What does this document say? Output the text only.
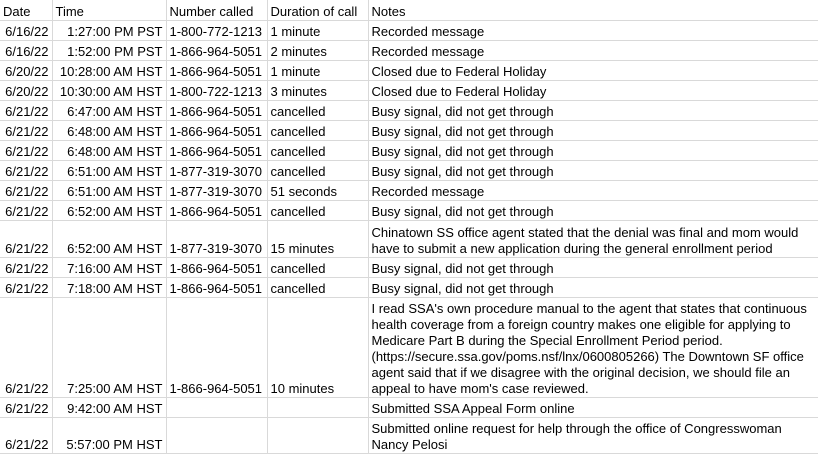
Date	Time	Number called	Duration of call	Notes
6/16/22	1:27:00 PM PST	1-800-772-1213	1 minute	Recorded message
6/16/22	1:52:00 PM PST	1-866-964-5051	2 minutes	Recorded message
6/20/22	10:28:00 AM HST	1-866-964-5051	1 minute	Closed due to Federal Holiday
6/20/22	10:30:00 AM HST	1-800-722-1213	3 minutes	Closed due to Federal Holiday
6/21/22	6:47:00 AM HST	1-866-964-5051	cancelled	Busy signal, did not get through
6/21/22	6:48:00 AM HST	1-866-964-5051	cancelled	Busy signal, did not get through
6/21/22	6:48:00 AM HST	1-866-964-5051	cancelled	Busy signal, did not get through
6/21/22	6:51:00 AM HST	1-877-319-3070	cancelled	Busy signal, did not get through
6/21/22	6:51:00 AM HST	1-877-319-3070	51 seconds	Recorded message
6/21/22	6:52:00 AM HST	1-866-964-5051	cancelled	Busy signal, did not get through
6/21/22	6:52:00 AM HST	1-877-319-3070	15 minutes	Chinatown SS office agent stated that the denial was final and mom would have to submit a new application during the general enrollment period
6/21/22	7:16:00 AM HST	1-866-964-5051	cancelled	Busy signal, did not get through
6/21/22	7:18:00 AM HST	1-866-964-5051	cancelled	Busy signal, did not get through
6/21/22	7:25:00 AM HST	1-866-964-5051	10 minutes	I read SSA's own procedure manual to the agent that states that continuous health coverage from a foreign country makes one eligible for applying to Medicare Part B during the Special Enrollment Period period. (https://secure.ssa.gov/poms.nsf/lnx/0600805266) The Downtown SF office agent said that if we disagree with the original decision, we should file an appeal to have mom's case reviewed.
6/21/22	9:42:00 AM HST			Submitted SSA Appeal Form online
6/21/22	5:57:00 PM HST			Submitted online request for help through the office of Congresswoman Nancy Pelosi
